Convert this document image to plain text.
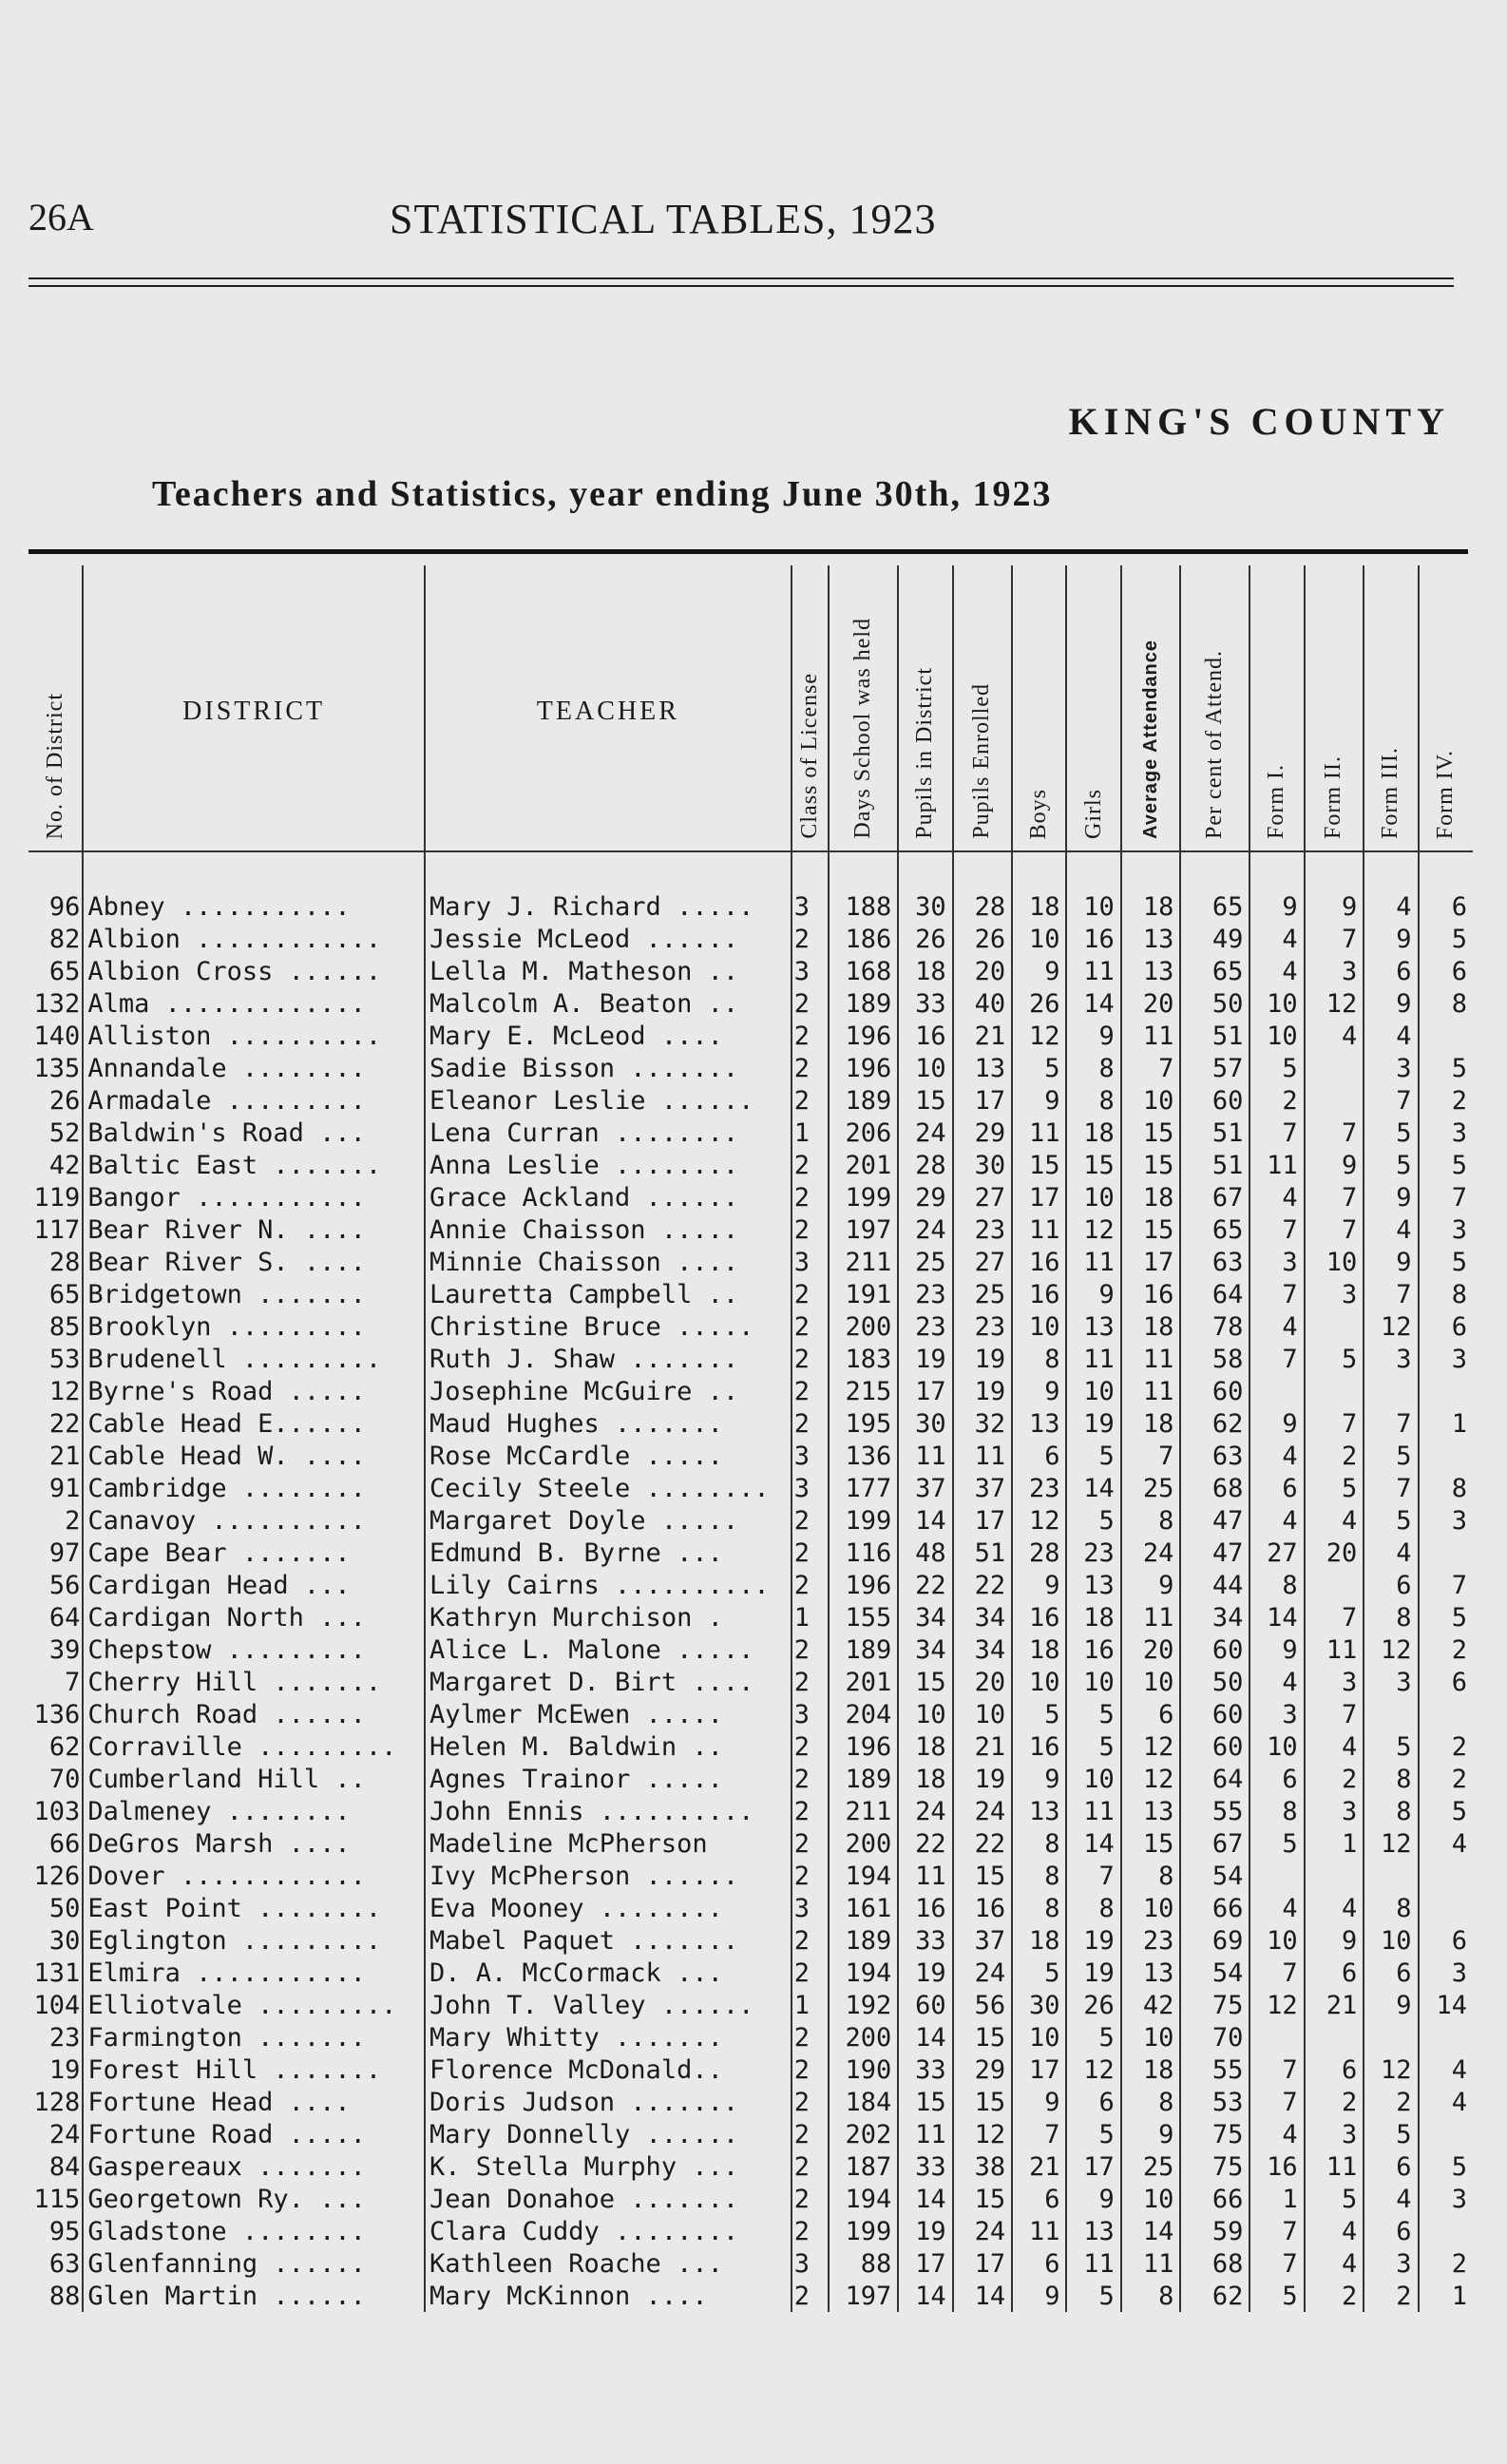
26A	STATISTICAL TABLES, 1923
KING'S COUNTY
Teachers and Statistics, year ending June 30th, 1923
No. of District	DISTRICT	TEACHER	Class of License	Days School was held	Pupils in District	Pupils Enrolled	Boys	Girls	Average Attendance	Per cent of Attend.	Form I.	Form II.	Form III.	Form IV.

96	Abney ...........	Mary J. Richard .....	3	188	30	28	18	10	18	65	9	9	4	6
82	Albion ............	Jessie McLeod ......	2	186	26	26	10	16	13	49	4	7	9	5
65	Albion Cross ......	Lella M. Matheson ..	3	168	18	20	9	11	13	65	4	3	6	6
132	Alma .............	Malcolm A. Beaton ..	2	189	33	40	26	14	20	50	10	12	9	8
140	Alliston ..........	Mary E. McLeod ....	2	196	16	21	12	9	11	51	10	4	4	
135	Annandale ........	Sadie Bisson .......	2	196	10	13	5	8	7	57	5		3	5
26	Armadale .........	Eleanor Leslie ......	2	189	15	17	9	8	10	60	2		7	2
52	Baldwin's Road ...	Lena Curran ........	1	206	24	29	11	18	15	51	7	7	5	3
42	Baltic East .......	Anna Leslie ........	2	201	28	30	15	15	15	51	11	9	5	5
119	Bangor ...........	Grace Ackland ......	2	199	29	27	17	10	18	67	4	7	9	7
117	Bear River N. ....	Annie Chaisson .....	2	197	24	23	11	12	15	65	7	7	4	3
28	Bear River S. ....	Minnie Chaisson ....	3	211	25	27	16	11	17	63	3	10	9	5
65	Bridgetown .......	Lauretta Campbell ..	2	191	23	25	16	9	16	64	7	3	7	8
85	Brooklyn .........	Christine Bruce .....	2	200	23	23	10	13	18	78	4		12	6
53	Brudenell .........	Ruth J. Shaw .......	2	183	19	19	8	11	11	58	7	5	3	3
12	Byrne's Road .....	Josephine McGuire ..	2	215	17	19	9	10	11	60				
22	Cable Head E......	Maud Hughes .......	2	195	30	32	13	19	18	62	9	7	7	1
21	Cable Head W. ....	Rose McCardle .....	3	136	11	11	6	5	7	63	4	2	5	
91	Cambridge ........	Cecily Steele ........	3	177	37	37	23	14	25	68	6	5	7	8
2	Canavoy ..........	Margaret Doyle .....	2	199	14	17	12	5	8	47	4	4	5	3
97	Cape Bear .......	Edmund B. Byrne ...	2	116	48	51	28	23	24	47	27	20	4	
56	Cardigan Head ...	Lily Cairns ..........	2	196	22	22	9	13	9	44	8		6	7
64	Cardigan North ...	Kathryn Murchison .	1	155	34	34	16	18	11	34	14	7	8	5
39	Chepstow .........	Alice L. Malone .....	2	189	34	34	18	16	20	60	9	11	12	2
7	Cherry Hill .......	Margaret D. Birt ....	2	201	15	20	10	10	10	50	4	3	3	6
136	Church Road ......	Aylmer McEwen .....	3	204	10	10	5	5	6	60	3	7		
62	Corraville .........	Helen M. Baldwin ..	2	196	18	21	16	5	12	60	10	4	5	2
70	Cumberland Hill ..	Agnes Trainor .....	2	189	18	19	9	10	12	64	6	2	8	2
103	Dalmeney ........	John Ennis ..........	2	211	24	24	13	11	13	55	8	3	8	5
66	DeGros Marsh ....	Madeline McPherson	2	200	22	22	8	14	15	67	5	1	12	4
126	Dover ............	Ivy McPherson ......	2	194	11	15	8	7	8	54				
50	East Point ........	Eva Mooney ........	3	161	16	16	8	8	10	66	4	4	8	
30	Eglington .........	Mabel Paquet .......	2	189	33	37	18	19	23	69	10	9	10	6
131	Elmira ...........	D. A. McCormack ...	2	194	19	24	5	19	13	54	7	6	6	3
104	Elliotvale .........	John T. Valley ......	1	192	60	56	30	26	42	75	12	21	9	14
23	Farmington .......	Mary Whitty .......	2	200	14	15	10	5	10	70				
19	Forest Hill .......	Florence McDonald..	2	190	33	29	17	12	18	55	7	6	12	4
128	Fortune Head ....	Doris Judson .......	2	184	15	15	9	6	8	53	7	2	2	4
24	Fortune Road .....	Mary Donnelly ......	2	202	11	12	7	5	9	75	4	3	5	
84	Gaspereaux .......	K. Stella Murphy ...	2	187	33	38	21	17	25	75	16	11	6	5
115	Georgetown Ry. ...	Jean Donahoe .......	2	194	14	15	6	9	10	66	1	5	4	3
95	Gladstone ........	Clara Cuddy ........	2	199	19	24	11	13	14	59	7	4	6	
63	Glenfanning ......	Kathleen Roache ...	3	88	17	17	6	11	11	68	7	4	3	2
88	Glen Martin ......	Mary McKinnon ....	2	197	14	14	9	5	8	62	5	2	2	1
